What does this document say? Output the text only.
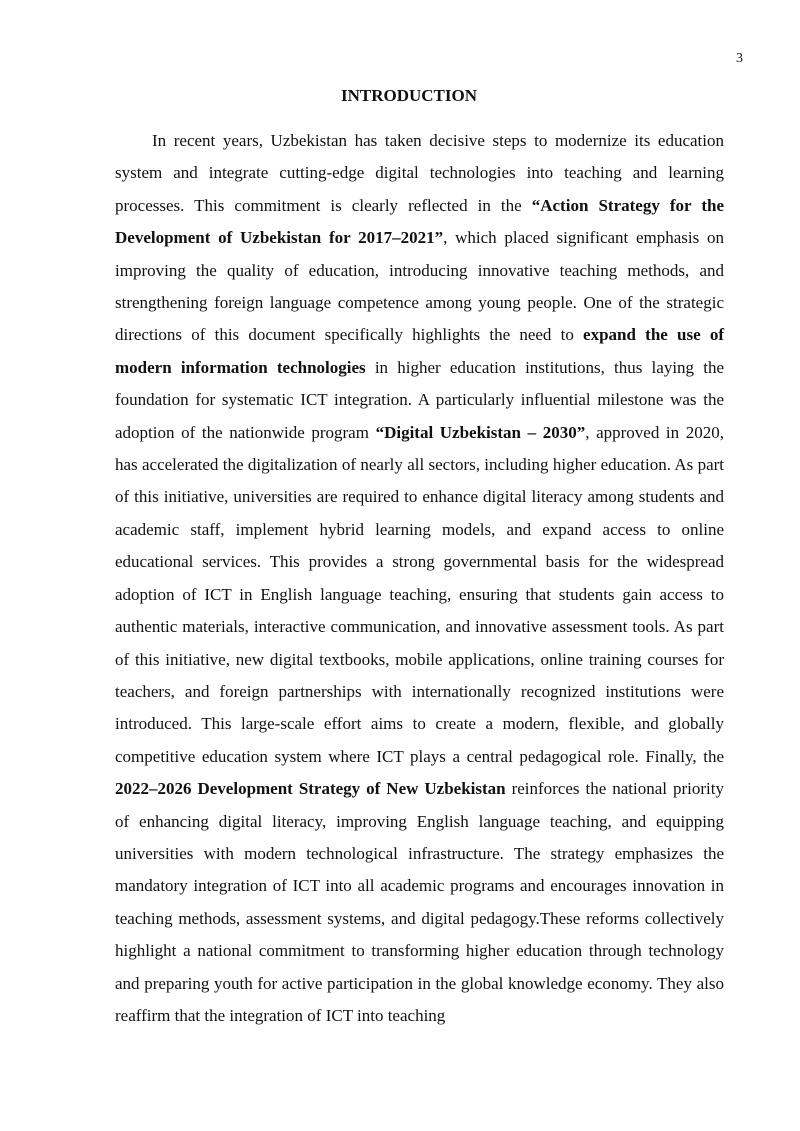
3
INTRODUCTION

In recent years, Uzbekistan has taken decisive steps to modernize its education system and integrate cutting-edge digital technologies into teaching and learning processes. This commitment is clearly reflected in the “Action Strategy for the Development of Uzbekistan for 2017–2021”, which placed significant emphasis on improving the quality of education, introducing innovative teaching methods, and strengthening foreign language competence among young people. One of the strategic directions of this document specifically highlights the need to expand the use of modern information technologies in higher education institutions, thus laying the foundation for systematic ICT integration. A particularly influential milestone was the adoption of the nationwide program “Digital Uzbekistan – 2030”, approved in 2020, has accelerated the digitalization of nearly all sectors, including higher education. As part of this initiative, universities are required to enhance digital literacy among students and academic staff, implement hybrid learning models, and expand access to online educational services. This provides a strong governmental basis for the widespread adoption of ICT in English language teaching, ensuring that students gain access to authentic materials, interactive communication, and innovative assessment tools. As part of this initiative, new digital textbooks, mobile applications, online training courses for teachers, and foreign partnerships with internationally recognized institutions were introduced. This large-scale effort aims to create a modern, flexible, and globally competitive education system where ICT plays a central pedagogical role. Finally, the 2022–2026 Development Strategy of New Uzbekistan reinforces the national priority of enhancing digital literacy, improving English language teaching, and equipping universities with modern technological infrastructure. The strategy emphasizes the mandatory integration of ICT into all academic programs and encourages innovation in teaching methods, assessment systems, and digital pedagogy.These reforms collectively highlight a national commitment to transforming higher education through technology and preparing youth for active participation in the global knowledge economy. They also reaffirm that the integration of ICT into teaching
